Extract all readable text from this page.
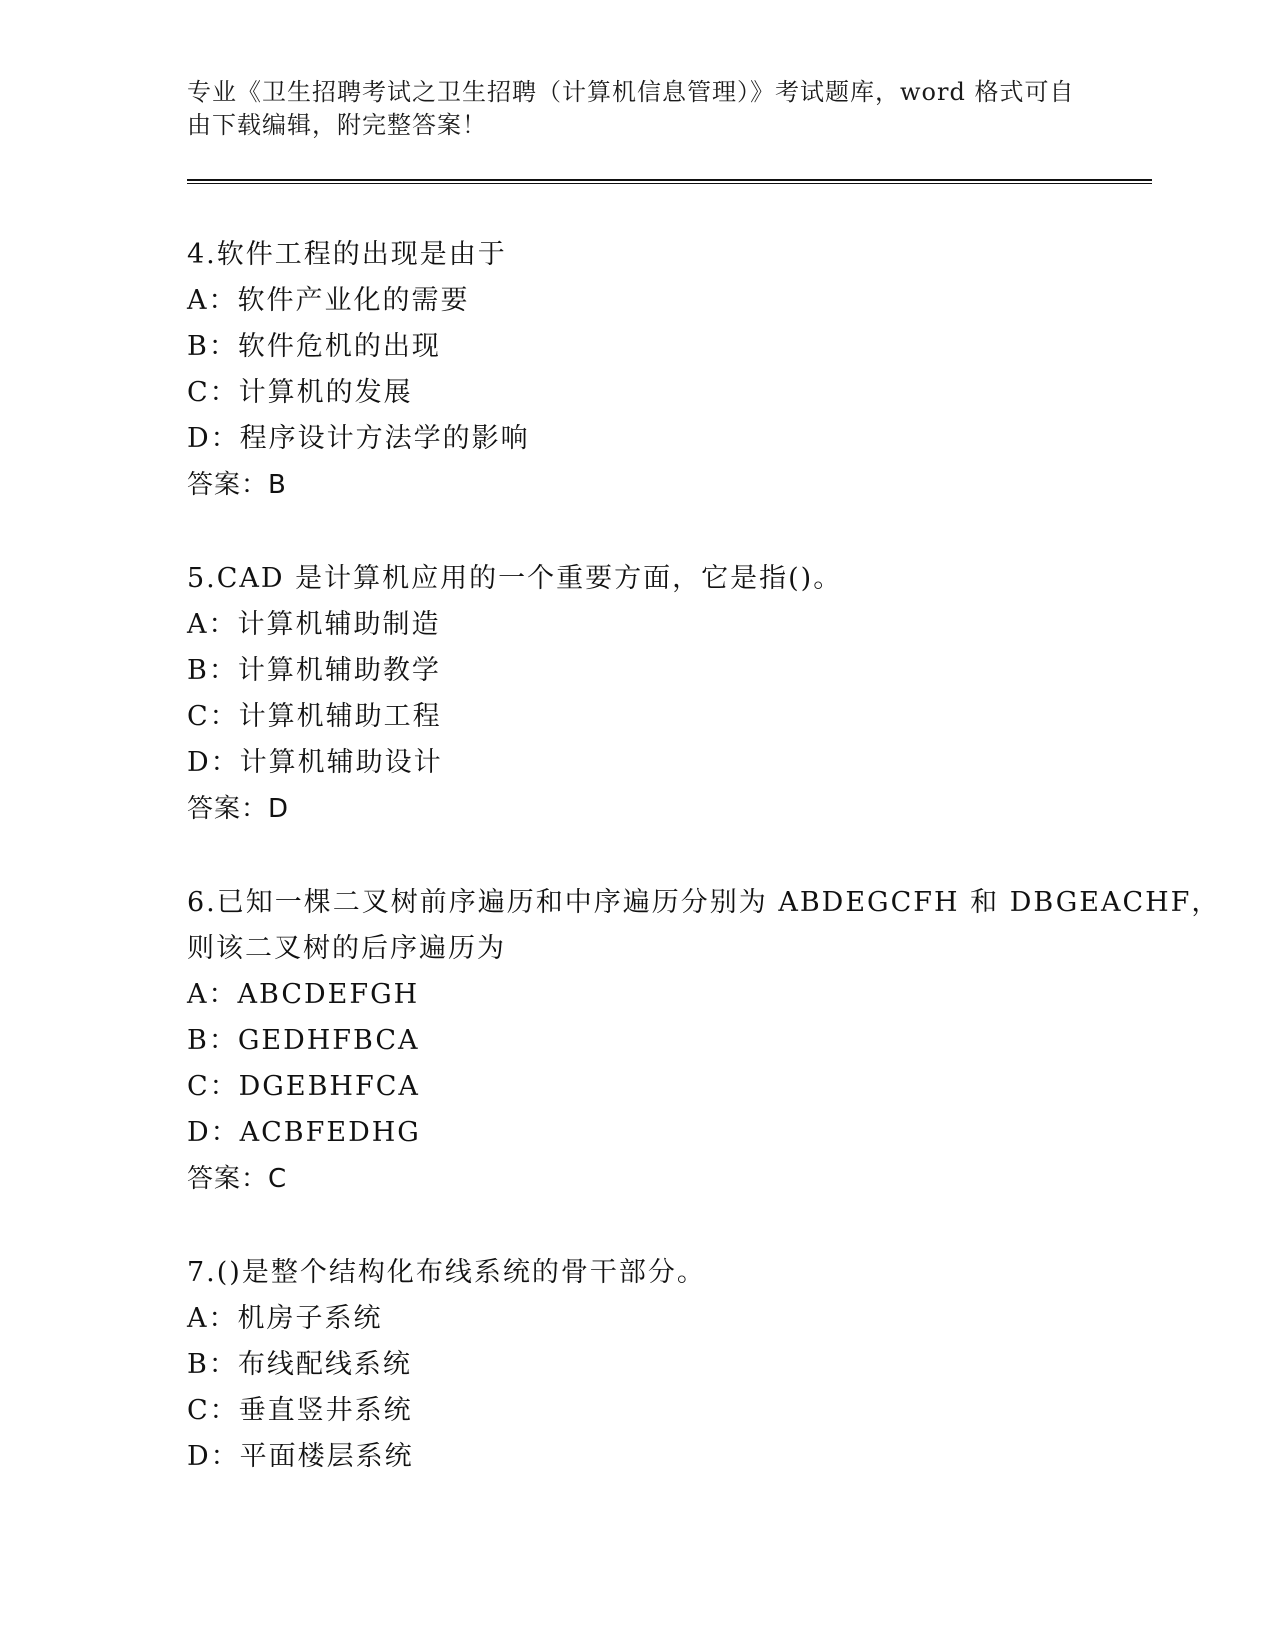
专业《卫生招聘考试之卫生招聘（计算机信息管理）》考试题库，word 格式可自
由下载编辑，附完整答案！
4.软件工程的出现是由于
A：软件产业化的需要
B：软件危机的出现
C：计算机的发展
D：程序设计方法学的影响
答案：B
5.CAD 是计算机应用的一个重要方面，它是指()。
A：计算机辅助制造
B：计算机辅助教学
C：计算机辅助工程
D：计算机辅助设计
答案：D
6.已知一棵二叉树前序遍历和中序遍历分别为 ABDEGCFH 和 DBGEACHF，
则该二叉树的后序遍历为
A：ABCDEFGH
B：GEDHFBCA
C：DGEBHFCA
D：ACBFEDHG
答案：C
7.()是整个结构化布线系统的骨干部分。
A：机房子系统
B：布线配线系统
C：垂直竖井系统
D：平面楼层系统
